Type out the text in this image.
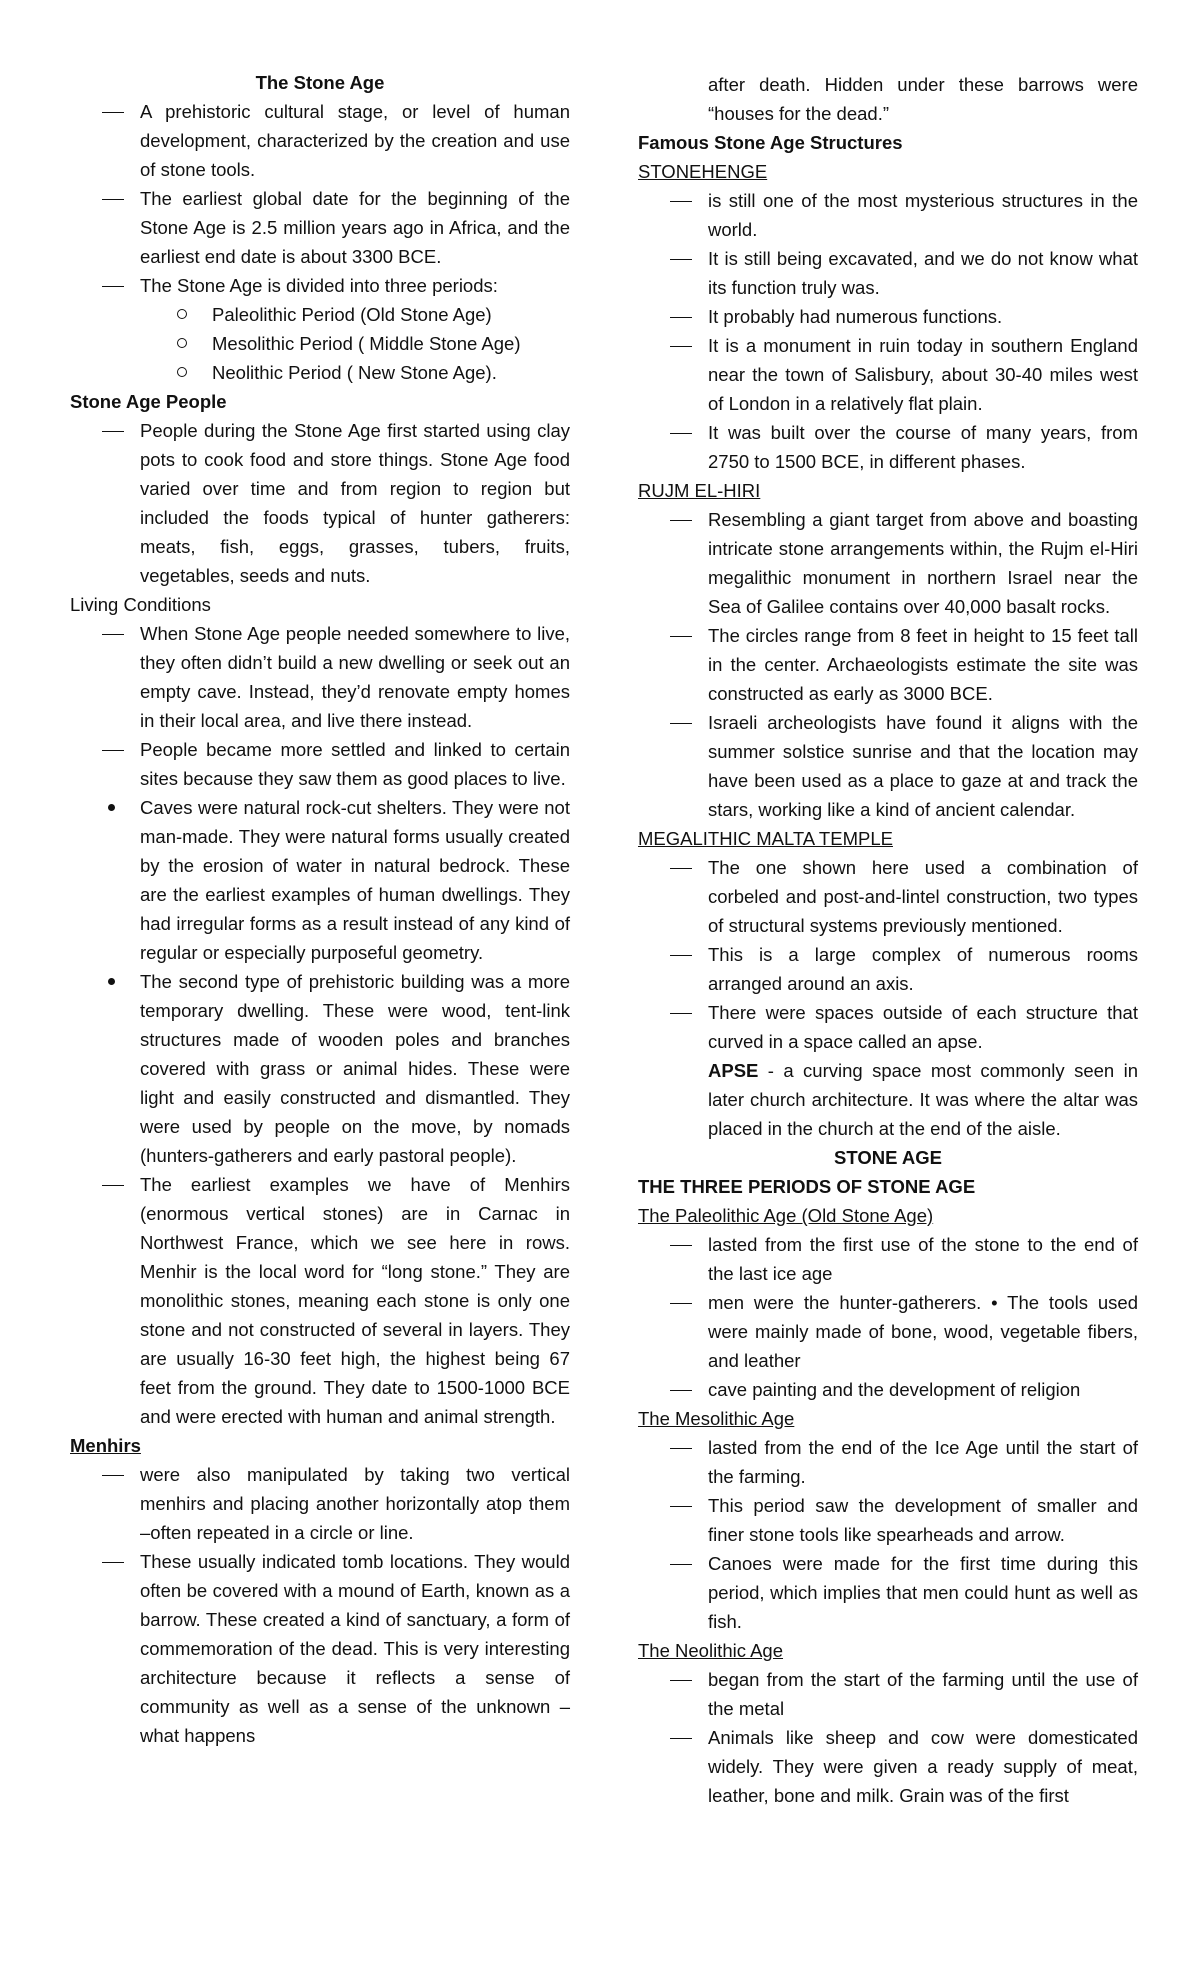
The Stone Age

A prehistoric cultural stage, or level of human development, characterized by the creation and use of stone tools.
The earliest global date for the beginning of the Stone Age is 2.5 million years ago in Africa, and the earliest end date is about 3300 BCE.
The Stone Age is divided into three periods:
Paleolithic Period (Old Stone Age)
Mesolithic Period ( Middle Stone Age)
Neolithic Period ( New Stone Age).

Stone Age People

People during the Stone Age first started using clay pots to cook food and store things. Stone Age food varied over time and from region to region but included the foods typical of hunter gatherers: meats, fish, eggs, grasses, tubers, fruits, vegetables, seeds and nuts.

Living Conditions

When Stone Age people needed somewhere to live, they often didn’t build a new dwelling or seek out an empty cave. Instead, they’d renovate empty homes in their local area, and live there instead.
People became more settled and linked to certain sites because they saw them as good places to live.
Caves were natural rock-cut shelters. They were not man-made. They were natural forms usually created by the erosion of water in natural bedrock. These are the earliest examples of human dwellings. They had irregular forms as a result instead of any kind of regular or especially purposeful geometry.
The second type of prehistoric building was a more temporary dwelling. These were wood, tent-link structures made of wooden poles and branches covered with grass or animal hides. These were light and easily constructed and dismantled. They were used by people on the move, by nomads (hunters-gatherers and early pastoral people).
The earliest examples we have of Menhirs (enormous vertical stones) are in Carnac in Northwest France, which we see here in rows. Menhir is the local word for “long stone.” They are monolithic stones, meaning each stone is only one stone and not constructed of several in layers. They are usually 16-30 feet high, the highest being 67 feet from the ground. They date to 1500-1000 BCE and were erected with human and animal strength.

Menhirs

were also manipulated by taking two vertical menhirs and placing another horizontally atop them –often repeated in a circle or line.
These usually indicated tomb locations. They would often be covered with a mound of Earth, known as a barrow. These created a kind of sanctuary, a form of commemoration of the dead. This is very interesting architecture because it reflects a sense of community as well as a sense of the unknown – what happens

after death. Hidden under these barrows were “houses for the dead.”

Famous Stone Age Structures

STONEHENGE

is still one of the most mysterious structures in the world.
It is still being excavated, and we do not know what its function truly was.
It probably had numerous functions.
It is a monument in ruin today in southern England near the town of Salisbury, about 30-40 miles west of London in a relatively flat plain.
It was built over the course of many years, from 2750 to 1500 BCE, in different phases.

RUJM EL-HIRI

Resembling a giant target from above and boasting intricate stone arrangements within, the Rujm el-Hiri megalithic monument in northern Israel near the Sea of Galilee contains over 40,000 basalt rocks.
The circles range from 8 feet in height to 15 feet tall in the center. Archaeologists estimate the site was constructed as early as 3000 BCE.
Israeli archeologists have found it aligns with the summer solstice sunrise and that the location may have been used as a place to gaze at and track the stars, working like a kind of ancient calendar.

MEGALITHIC MALTA TEMPLE

The one shown here used a combination of corbeled and post-and-lintel construction, two types of structural systems previously mentioned.
This is a large complex of numerous rooms arranged around an axis.
There were spaces outside of each structure that curved in a space called an apse.

APSE - a curving space most commonly seen in later church architecture. It was where the altar was placed in the church at the end of the aisle.

STONE AGE

THE THREE PERIODS OF STONE AGE

The Paleolithic Age (Old Stone Age)

lasted from the first use of the stone to the end of the last ice age
men were the hunter-gatherers. • The tools used were mainly made of bone, wood, vegetable fibers, and leather
cave painting and the development of religion

The Mesolithic Age

lasted from the end of the Ice Age until the start of the farming.
This period saw the development of smaller and finer stone tools like spearheads and arrow.
Canoes were made for the first time during this period, which implies that men could hunt as well as fish.

The Neolithic Age

began from the start of the farming until the use of the metal
Animals like sheep and cow were domesticated widely. They were given a ready supply of meat, leather, bone and milk. Grain was of the first
